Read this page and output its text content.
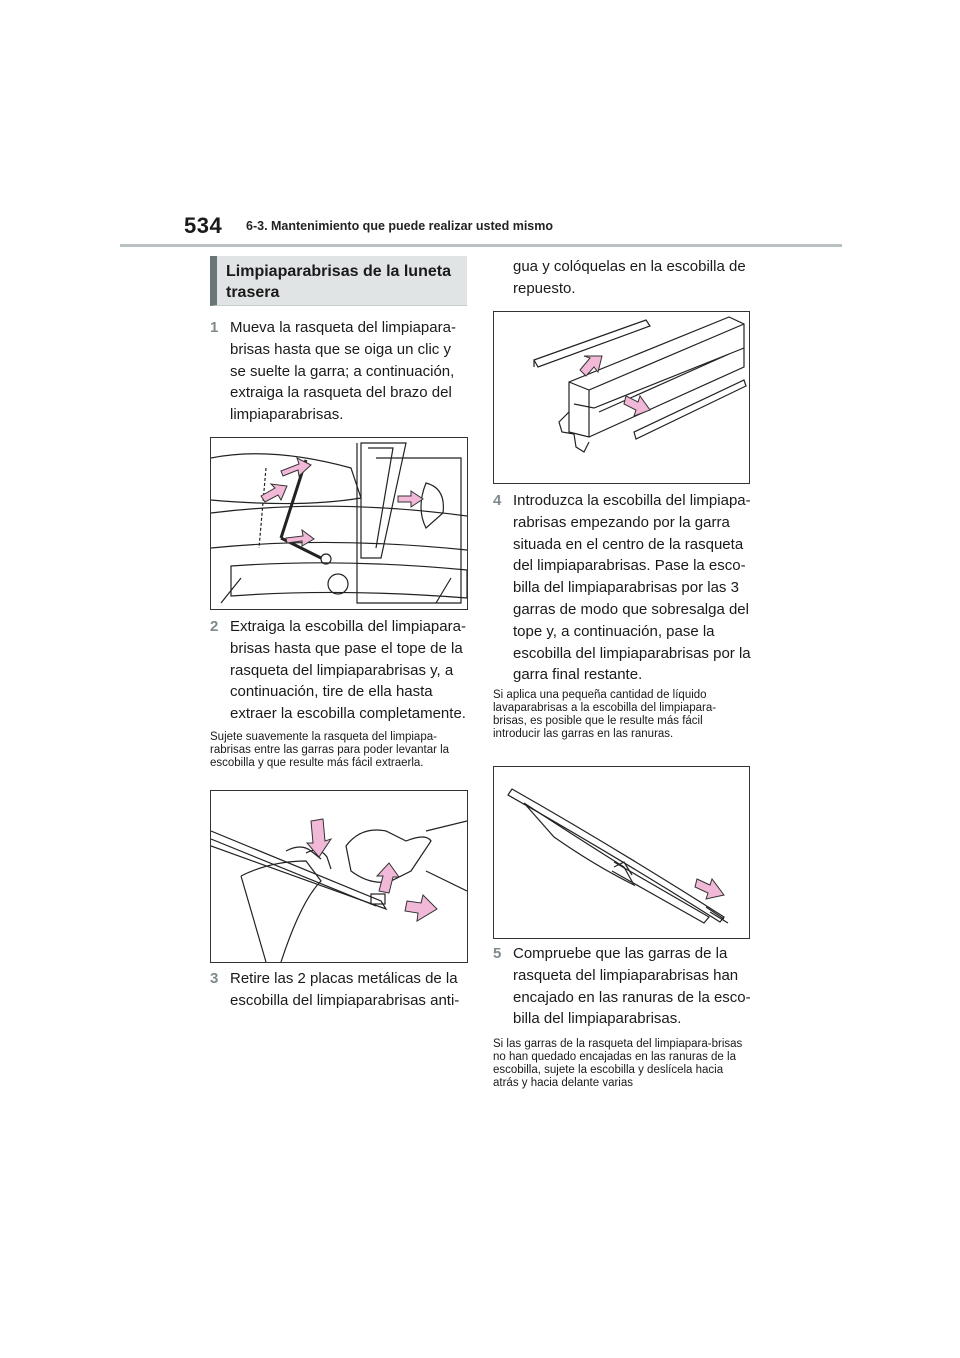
534 6-3. Mantenimiento que puede realizar usted mismo
Limpiaparabrisas de la luneta trasera
1 Mueva la rasqueta del limpiapara-brisas hasta que se oiga un clic y se suelte la garra; a continuación, extraiga la rasqueta del brazo del limpiaparabrisas.
2 Extraiga la escobilla del limpiapara-brisas hasta que pase el tope de la rasqueta del limpiaparabrisas y, a continuación, tire de ella hasta extraer la escobilla completamente.
Sujete suavemente la rasqueta del limpiapa-rabrisas entre las garras para poder levantar la escobilla y que resulte más fácil extraerla.
3 Retire las 2 placas metálicas de la escobilla del limpiaparabrisas anti-
gua y colóquelas en la escobilla de repuesto.
4 Introduzca la escobilla del limpiapa-rabrisas empezando por la garra situada en el centro de la rasqueta del limpiaparabrisas. Pase la esco-billa del limpiaparabrisas por las 3 garras de modo que sobresalga del tope y, a continuación, pase la escobilla del limpiaparabrisas por la garra final restante.
Si aplica una pequeña cantidad de líquido lavaparabrisas a la escobilla del limpiapara-brisas, es posible que le resulte más fácil introducir las garras en las ranuras.
5 Compruebe que las garras de la rasqueta del limpiaparabrisas han encajado en las ranuras de la esco-billa del limpiaparabrisas.
Si las garras de la rasqueta del limpiapara-brisas no han quedado encajadas en las ranuras de la escobilla, sujete la escobilla y deslícela hacia atrás y hacia delante varias
